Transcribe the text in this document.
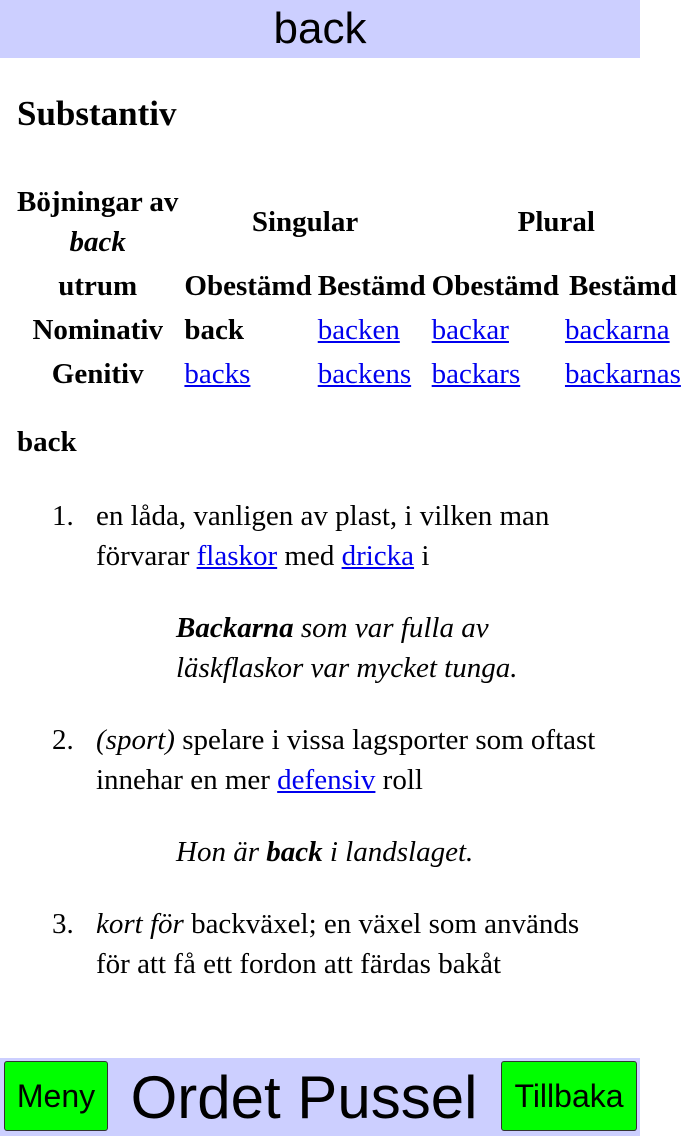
back
Substantiv
Böjningar av
back	Singular		Plural	
utrum	Obestämd	Bestämd	Obestämd	Bestämd
Nominativ	back	backen	backar	backarna
Genitiv	backs	backens	backars	backarnas
back
1. en låda, vanligen av plast, i vilken man förvarar flaskor med dricka i
Backarna som var fulla av läskflaskor var mycket tunga.
2. (sport) spelare i vissa lagsporter som oftast innehar en mer defensiv roll
Hon är back i landslaget.
3. kort för backväxel; en växel som används för att få ett fordon att färdas bakåt
Meny Ordet Pussel	Tillbaka
